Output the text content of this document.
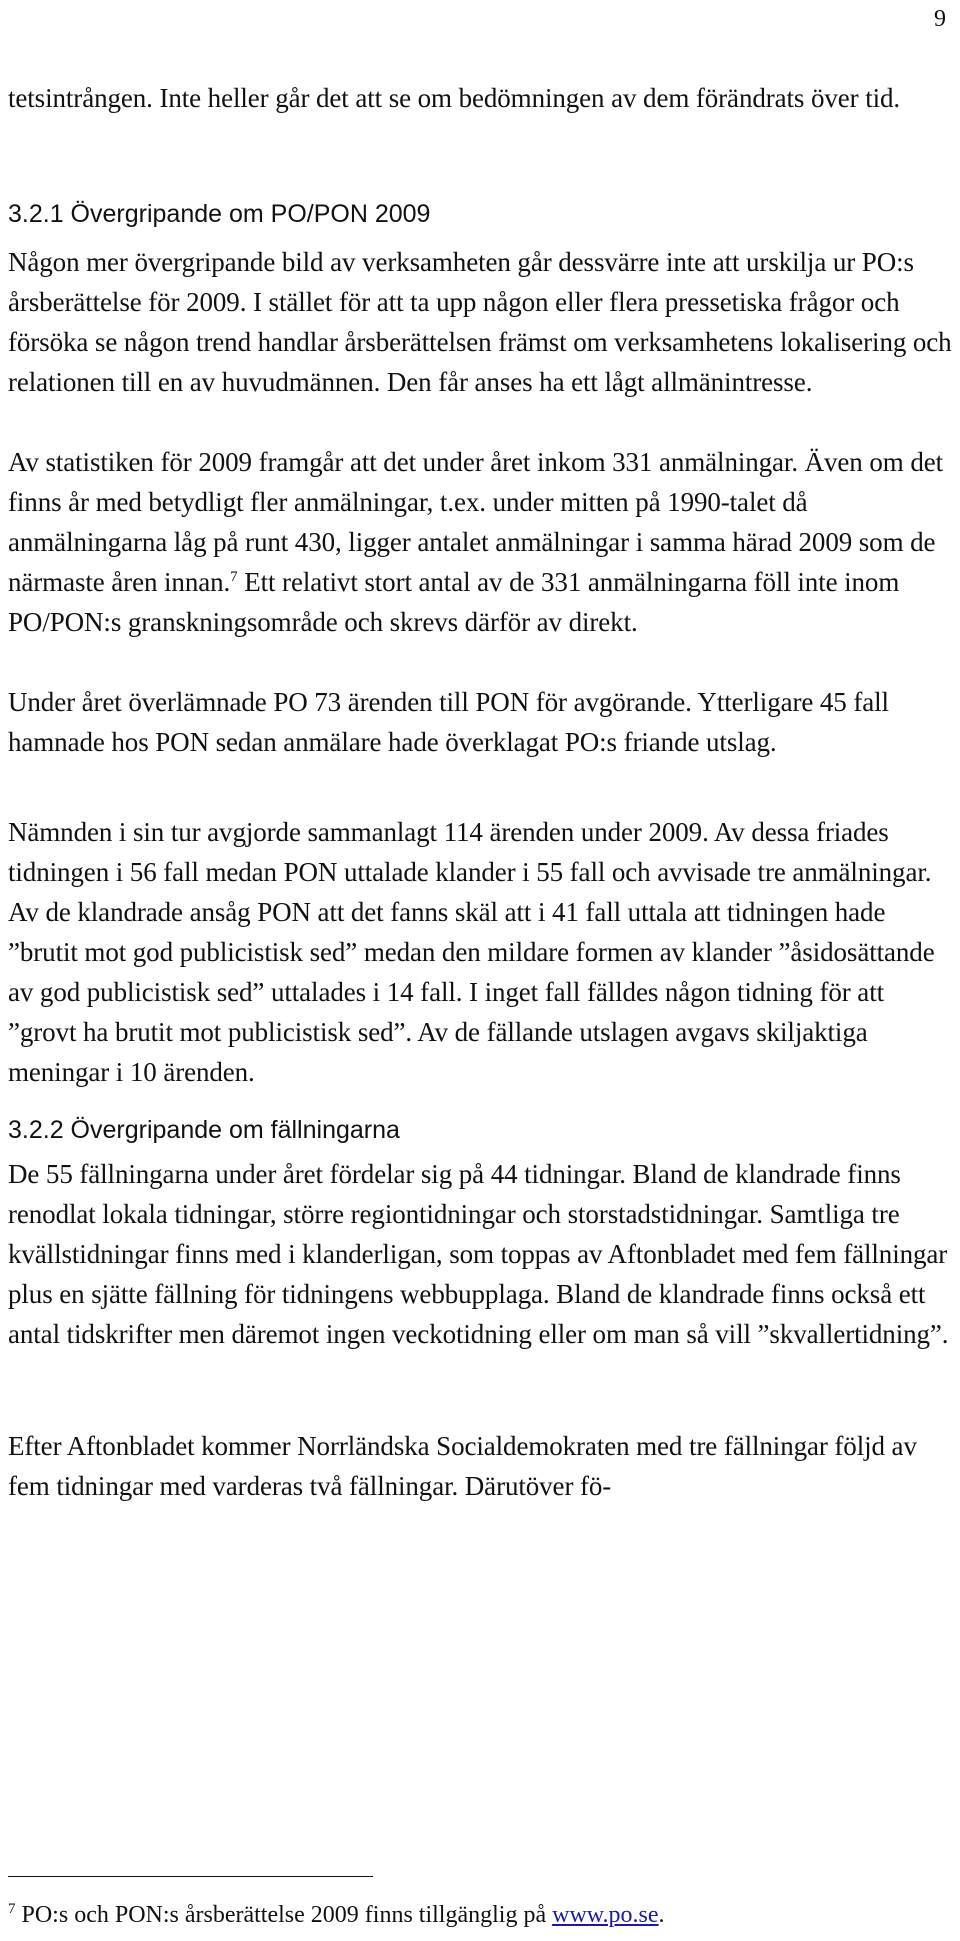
9

tetsintrången. Inte heller går det att se om bedömningen av dem förändrats över tid.

3.2.1 Övergripande om PO/PON 2009

Någon mer övergripande bild av verksamheten går dessvärre inte att urskilja ur PO:s årsberättelse för 2009. I stället för att ta upp någon eller flera pressetiska frågor och försöka se någon trend handlar årsberättelsen främst om verksamhetens lokalisering och relationen till en av huvudmännen. Den får anses ha ett lågt allmänintresse.

Av statistiken för 2009 framgår att det under året inkom 331 anmälningar. Även om det finns år med betydligt fler anmälningar, t.ex. under mitten på 1990-talet då anmälningarna låg på runt 430, ligger antalet anmälningar i samma härad 2009 som de närmaste åren innan.$^7$ Ett relativt stort antal av de 331 anmälningarna föll inte inom PO/PON:s granskningsområde och skrevs därför av direkt.

Under året överlämnade PO 73 ärenden till PON för avgörande. Ytterligare 45 fall hamnade hos PON sedan anmälare hade överklagat PO:s friande utslag.

Nämnden i sin tur avgjorde sammanlagt 114 ärenden under 2009. Av dessa friades tidningen i 56 fall medan PON uttalade klander i 55 fall och avvisade tre anmälningar. Av de klandrade ansåg PON att det fanns skäl att i 41 fall uttala att tidningen hade ”brutit mot god publicistisk sed” medan den mildare formen av klander ”åsidosättande av god publicistisk sed” uttalades i 14 fall. I inget fall fälldes någon tidning för att ”grovt ha brutit mot publicistisk sed”. Av de fällande utslagen avgavs skiljaktiga meningar i 10 ärenden.

3.2.2 Övergripande om fällningarna

De 55 fällningarna under året fördelar sig på 44 tidningar. Bland de klandrade finns renodlat lokala tidningar, större regiontidningar och storstadstidningar. Samtliga tre kvällstidningar finns med i klanderligan, som toppas av Aftonbladet med fem fällningar plus en sjätte fällning för tidningens webbupplaga. Bland de klandrade finns också ett antal tidskrifter men däremot ingen veckotidning eller om man så vill ”skvallertidning”.

Efter Aftonbladet kommer Norrländska Socialdemokraten med tre fällningar följd av fem tidningar med varderas två fällningar. Därutöver fö-

$^7$ PO:s och PON:s årsberättelse 2009 finns tillgänglig på www.po.se.
